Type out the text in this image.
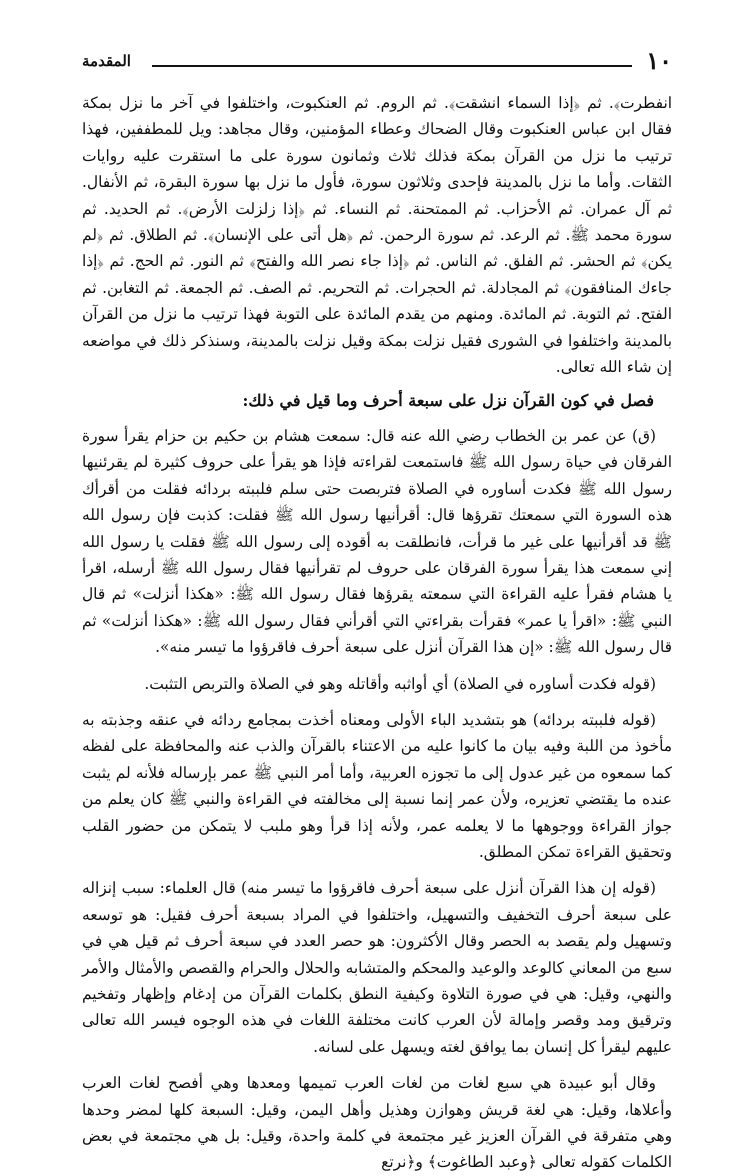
١٠
المقدمة

انفطرت﴾. ثم ﴿إذا السماء انشقت﴾. ثم الروم. ثم العنكبوت، واختلفوا في آخر ما نزل بمكة فقال ابن عباس العنكبوت وقال الضحاك وعطاء المؤمنين، وقال مجاهد: ويل للمطففين، فهذا ترتيب ما نزل من القرآن بمكة فذلك ثلاث وثمانون سورة على ما استقرت عليه روايات الثقات. وأما ما نزل بالمدينة فإحدى وثلاثون سورة، فأول ما نزل بها سورة البقرة، ثم الأنفال. ثم آل عمران. ثم الأحزاب. ثم الممتحنة. ثم النساء. ثم ﴿إذا زلزلت الأرض﴾. ثم الحديد. ثم سورة محمد ﷺ. ثم الرعد. ثم سورة الرحمن. ثم ﴿هل أتى على الإنسان﴾. ثم الطلاق. ثم ﴿لم يكن﴾ ثم الحشر. ثم الفلق. ثم الناس. ثم ﴿إذا جاء نصر الله والفتح﴾ ثم النور. ثم الحج. ثم ﴿إذا جاءك المنافقون﴾ ثم المجادلة. ثم الحجرات. ثم التحريم. ثم الصف. ثم الجمعة. ثم التغابن. ثم الفتح. ثم التوبة. ثم المائدة. ومنهم من يقدم المائدة على التوبة فهذا ترتيب ما نزل من القرآن بالمدينة واختلفوا في الشورى فقيل نزلت بمكة وقيل نزلت بالمدينة، وسنذكر ذلك في مواضعه إن شاء الله تعالى.

فصل في كون القرآن نزل على سبعة أحرف وما قيل في ذلك:

(ق) عن عمر بن الخطاب رضي الله عنه قال: سمعت هشام بن حكيم بن حزام يقرأ سورة الفرقان في حياة رسول الله ﷺ فاستمعت لقراءته فإذا هو يقرأ على حروف كثيرة لم يقرئنيها رسول الله ﷺ فكدت أساوره في الصلاة فتربصت حتى سلم فلببته بردائه فقلت من أقرأك هذه السورة التي سمعتك تقرؤها قال: أقرأنيها رسول الله ﷺ فقلت: كذبت فإن رسول الله ﷺ قد أقرأنيها على غير ما قرأت، فانطلقت به أقوده إلى رسول الله ﷺ فقلت يا رسول الله إني سمعت هذا يقرأ سورة الفرقان على حروف لم تقرأنيها فقال رسول الله ﷺ أرسله، اقرأ يا هشام فقرأ عليه القراءة التي سمعته يقرؤها فقال رسول الله ﷺ: «هكذا أنزلت» ثم قال النبي ﷺ: «اقرأ يا عمر» فقرأت بقراءتي التي أقرأني فقال رسول الله ﷺ: «هكذا أنزلت» ثم قال رسول الله ﷺ: «إن هذا القرآن أنزل على سبعة أحرف فاقرؤوا ما تيسر منه».

(قوله فكدت أساوره في الصلاة) أي أواثبه وأقاتله وهو في الصلاة والتربص التثبت.

(قوله فلببته بردائه) هو بتشديد الباء الأولى ومعناه أخذت بمجامع ردائه في عنقه وجذبته به مأخوذ من اللبة وفيه بيان ما كانوا عليه من الاعتناء بالقرآن والذب عنه والمحافظة على لفظه كما سمعوه من غير عدول إلى ما تجوزه العربية، وأما أمر النبي ﷺ عمر بإرساله فلأنه لم يثبت عنده ما يقتضي تعزيره، ولأن عمر إنما نسبة إلى مخالفته في القراءة والنبي ﷺ كان يعلم من جواز القراءة ووجوهها ما لا يعلمه عمر، ولأنه إذا قرأ وهو ملبب لا يتمكن من حضور القلب وتحقيق القراءة تمكن المطلق.

(قوله إن هذا القرآن أنزل على سبعة أحرف فاقرؤوا ما تيسر منه) قال العلماء: سبب إنزاله على سبعة أحرف التخفيف والتسهيل، واختلفوا في المراد بسبعة أحرف فقيل: هو توسعه وتسهيل ولم يقصد به الحصر وقال الأكثرون: هو حصر العدد في سبعة أحرف ثم قيل هي في سبع من المعاني كالوعد والوعيد والمحكم والمتشابه والحلال والحرام والقصص والأمثال والأمر والنهي، وقيل: هي في صورة التلاوة وكيفية النطق بكلمات القرآن من إدغام وإظهار وتفخيم وترقيق ومد وقصر وإمالة لأن العرب كانت مختلفة اللغات في هذه الوجوه فيسر الله تعالى عليهم ليقرأ كل إنسان بما يوافق لغته ويسهل على لسانه.

وقال أبو عبيدة هي سبع لغات من لغات العرب تميمها ومعدها وهي أفصح لغات العرب وأعلاها، وقيل: هي لغة قريش وهوازن وهذيل وأهل اليمن، وقيل: السبعة كلها لمضر وحدها وهي متفرقة في القرآن العزيز غير مجتمعة في كلمة واحدة، وقيل: بل هي مجتمعة في بعض الكلمات كقوله تعالى ﴿وعبد الطاغوت﴾ و﴿نرتع
